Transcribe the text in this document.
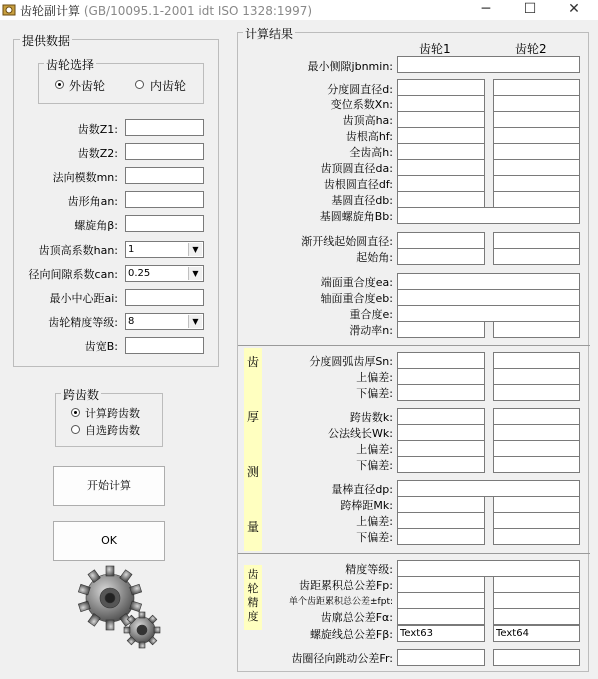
齿轮副计算 (GB/10095.1-2001 idt ISO 1328:1997)	─	☐	✕
提供数据
齿轮选择
外齿轮	内齿轮
齿数Z1:
齿数Z2:
法向模数mn:
齿形角an:
螺旋角β:
齿顶高系数han: 1	▼
径向间隙系数can: 0.25	▼
最小中心距ai:
齿轮精度等级: 8	▼
齿宽B:
跨齿数
计算跨齿数
自选跨齿数
开始计算
OK
计算结果
齿轮1	齿轮2
最小侧隙jbnmin:
分度圆直径d:
变位系数Xn:
齿顶高ha:
齿根高hf:
全齿高h:
齿顶圆直径da:
齿根圆直径df:
基圆直径db:
基圆螺旋角Bb:
渐开线起始圆直径:
起始角:
端面重合度ea:
轴面重合度eb:
重合度e:
滑动率n:
齿
厚
测
量
分度圆弧齿厚Sn:
上偏差:
下偏差:
跨齿数k:
公法线长Wk:
上偏差:
下偏差:
量棒直径dp:
跨棒距Mk:
上偏差:
下偏差:
齿
轮
精
度
精度等级:
齿距累积总公差Fp:
单个齿距累积总公差±fpt:
齿廓总公差Fα:
螺旋线总公差Fβ: Text63	Text64
齿圈径向跳动公差Fr:
